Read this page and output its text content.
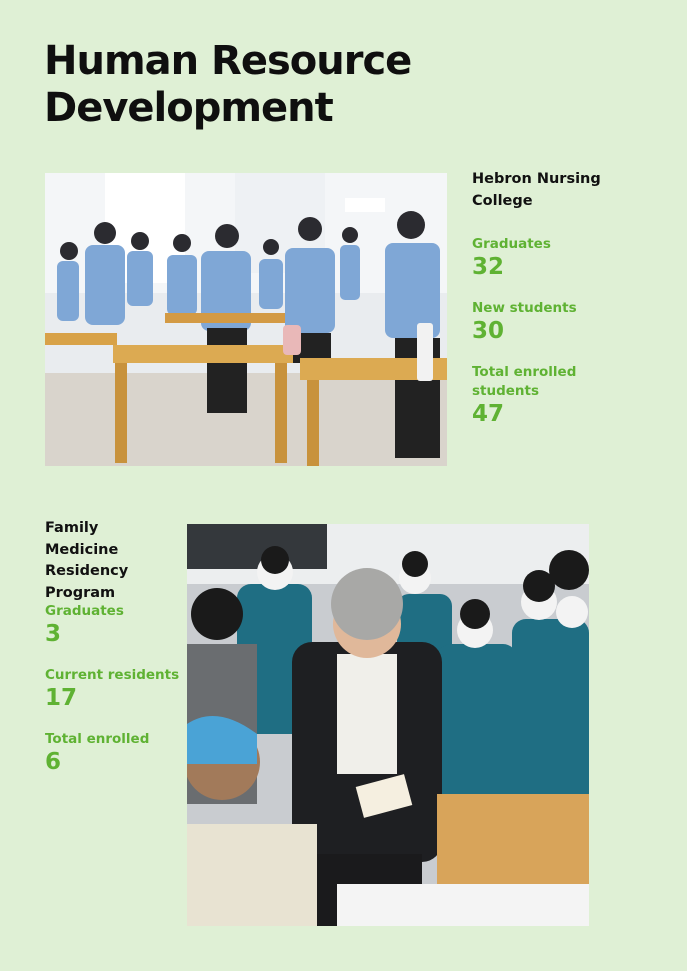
Human Resource Development
Hebron Nursing College
Graduates
32
New students
30
Total enrolled students
47
Family Medicine Residency Program
Graduates
3
Current residents
17
Total enrolled
6
